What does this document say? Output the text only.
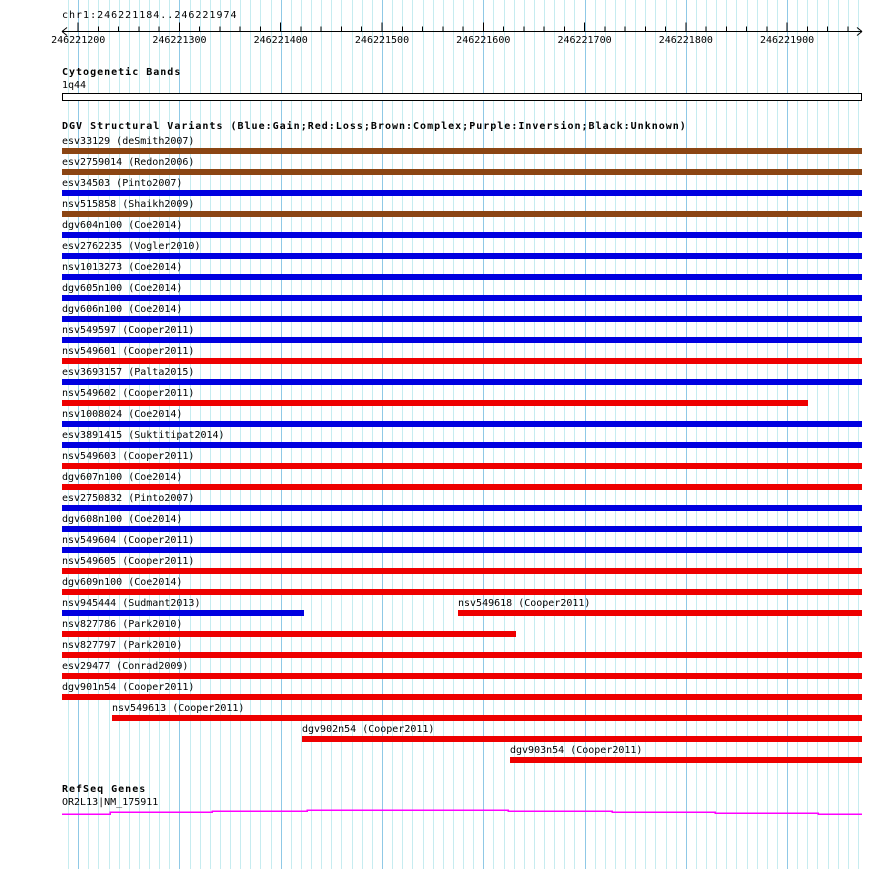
chr1:246221184..246221974
246221200	246221300	246221400	246221500	246221600	246221700	246221800	246221900
Cytogenetic Bands
1q44
DGV Structural Variants (Blue:Gain;Red:Loss;Brown:Complex;Purple:Inversion;Black:Unknown)
esv33129 (deSmith2007)
esv2759014 (Redon2006)
esv34503 (Pinto2007)
nsv515858 (Shaikh2009)
dgv604n100 (Coe2014)
esv2762235 (Vogler2010)
nsv1013273 (Coe2014)
dgv605n100 (Coe2014)
dgv606n100 (Coe2014)
nsv549597 (Cooper2011)
nsv549601 (Cooper2011)
esv3693157 (Palta2015)
nsv549602 (Cooper2011)
nsv1008024 (Coe2014)
esv3891415 (Suktitipat2014)
nsv549603 (Cooper2011)
dgv607n100 (Coe2014)
esv2750832 (Pinto2007)
dgv608n100 (Coe2014)
nsv549604 (Cooper2011)
nsv549605 (Cooper2011)
dgv609n100 (Coe2014)
nsv945444 (Sudmant2013)	nsv549618 (Cooper2011)
nsv827786 (Park2010)
nsv827797 (Park2010)
esv29477 (Conrad2009)
dgv901n54 (Cooper2011)
nsv549613 (Cooper2011)
dgv902n54 (Cooper2011)
dgv903n54 (Cooper2011)
RefSeq Genes
OR2L13|NM_175911
